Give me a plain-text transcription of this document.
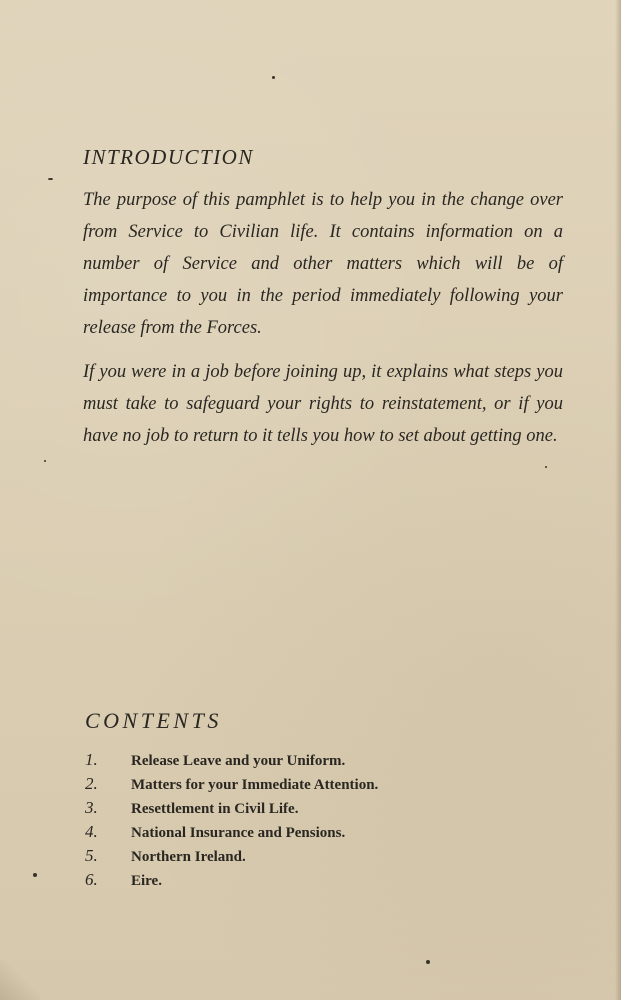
INTRODUCTION

The purpose of this pamphlet is to help you in the change over from Service to Civilian life. It contains information on a number of Service and other matters which will be of importance to you in the period immediately following your release from the Forces.

If you were in a job before joining up, it explains what steps you must take to safeguard your rights to reinstatement, or if you have no job to return to it tells you how to set about getting one.

CONTENTS
1.	Release Leave and your Uniform.
2.	Matters for your Immediate Attention.
3.	Resettlement in Civil Life.
4.	National Insurance and Pensions.
5.	Northern Ireland.
6.	Eire.
